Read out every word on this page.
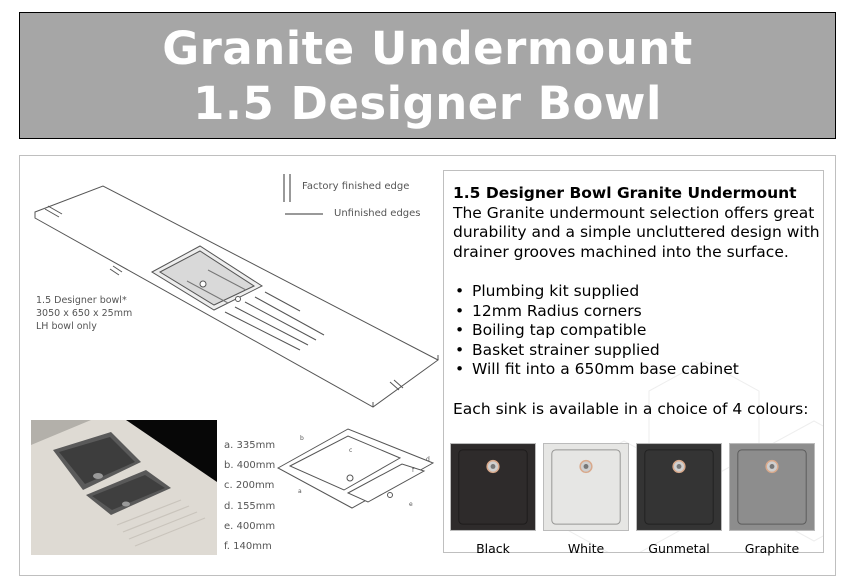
Granite Undermount
1.5 Designer Bowl
Factory finished edge
Unfinished edges
1.5 Designer bowl*
3050 x 650 x 25mm
LH bowl only
a. 335mm
b. 400mm
c. 200mm
d. 155mm
e. 400mm
f. 140mm
b
c
d
f
a
e
1.5 Designer Bowl Granite Undermount
The Granite undermount selection offers great durability and a simple uncluttered design with drainer grooves machined into the surface.
• Plumbing kit supplied
• 12mm Radius corners
• Boiling tap compatible
• Basket strainer supplied
• Will fit into a 650mm base cabinet
Each sink is available in a choice of 4 colours:
Black	White	Gunmetal	Graphite
